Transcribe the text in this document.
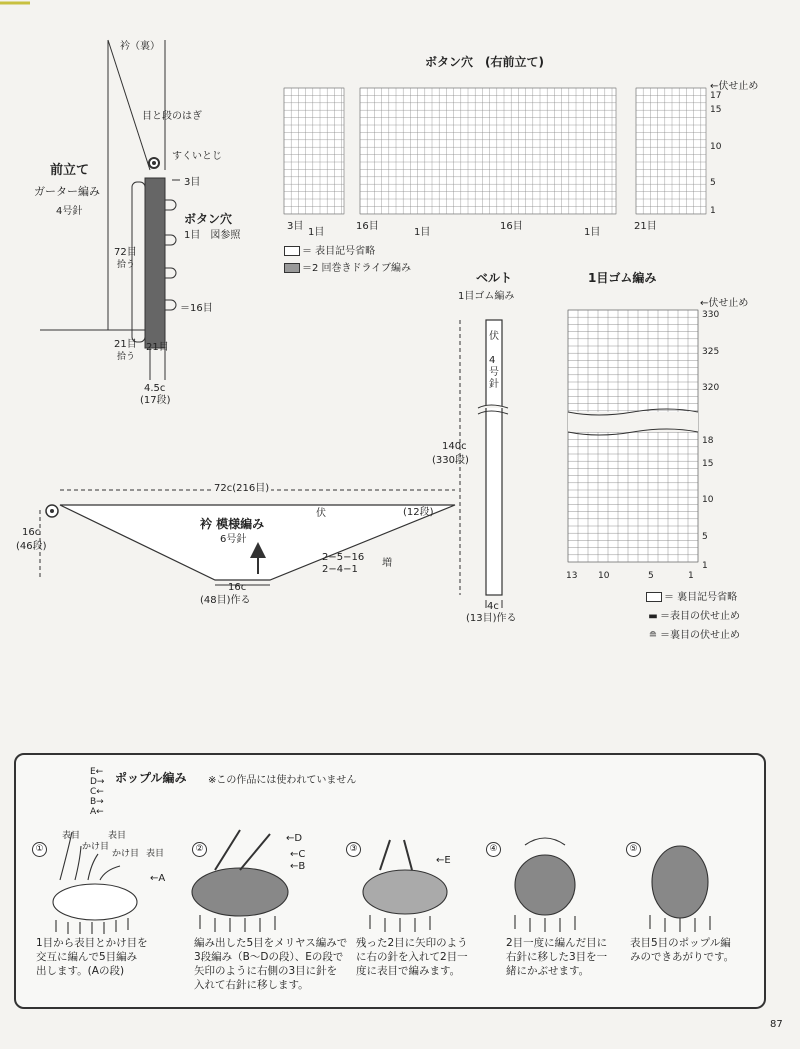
衿（裏）
目と段のはぎ
前立て
ガーター編み
4号針
すくいとじ
3目
ボタン穴
1目　図参照
72目
拾う
＝16目
21目
拾う
21目
4.5c
(17段)
ボタン穴　(右前立て)
←伏せ止め
17
15
10
5
1
3目
1目
16目
1目
16目
1目
21目
＝ 表目記号省略
＝2 回巻きドライブ編み
ベルト
1目ゴム編み
伏
4号針
140c
(330段)
4c
(13目)作る
1目ゴム編み
←伏せ止め
330
325
320
18
15
10
5
1
13 10	5	1
＝ 裏目記号省略
▬ ＝表目の伏せ止め
≘ ＝裏目の伏せ止め
72c(216目)
16c
(46段)
伏	(12段)
衿 模様編み
6号針
2−5−16
2−4−1
増
16c
(48目)作る
E←
D→
C←
B→
A←
ポップル編み ※この作品には使われていません
表目
かけ目
表目
かけ目 表目
←A
←D
←C
←B
←E
①	②	③	④	⑤
1目から表目とかけ目を
交互に編んで5目編み
出します。(Aの段)
編み出した5目をメリヤス編みで
3段編み（B～Dの段）、Eの段で
矢印のように右側の3目に針を
入れて右針に移します。
残った2目に矢印のよう
に右の針を入れて2目一
度に表目で編みます。
2目一度に編んだ目に
右針に移した3目を一
緒にかぶせます。
表目5目のポップル編
みのできあがりです。
87
